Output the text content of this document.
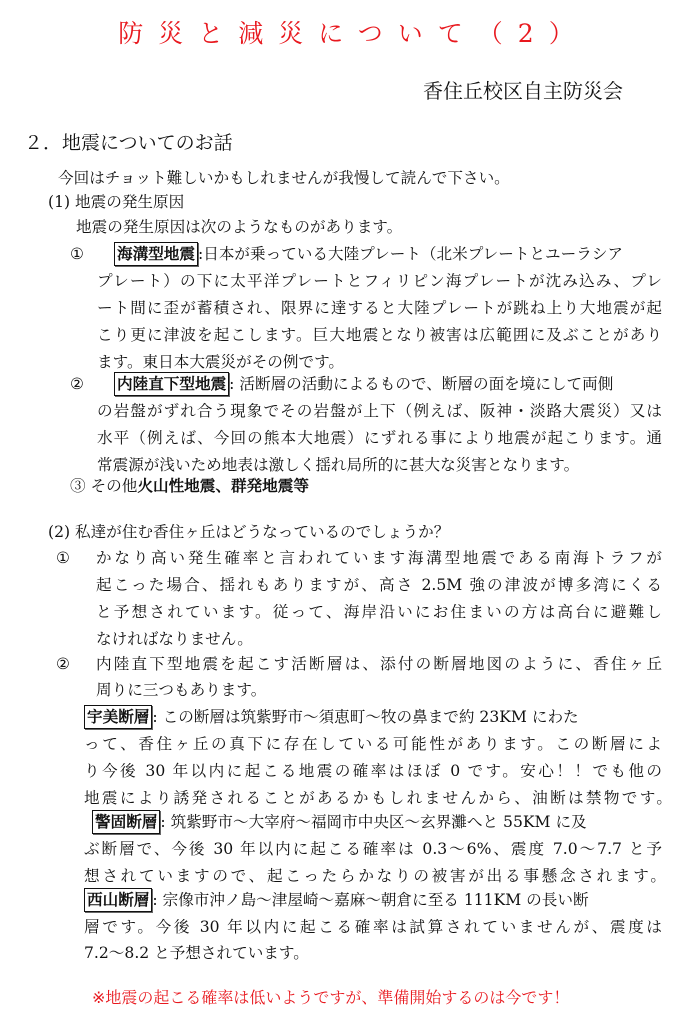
防災と減災について（2）
香住丘校区自主防災会
２．地震についてのお話
今回はチョット難しいかもしれませんが我慢して読んで下さい。
(1) 地震の発生原因
地震の発生原因は次のようなものがあります。
① 海溝型地震 :日本が乗っている大陸プレート（北米プレートとユーラシア
プレート）の下に太平洋プレートとフィリピン海プレートが沈み込み、プレ
ート間に歪が蓄積され、限界に達すると大陸プレートが跳ね上り大地震が起
こり更に津波を起こします。巨大地震となり被害は広範囲に及ぶことがあり
ます。東日本大震災がその例です。
② 内陸直下型地震 : 活断層の活動によるもので、断層の面を境にして両側
の岩盤がずれ合う現象でその岩盤が上下（例えば、阪神・淡路大震災）又は
水平（例えば、今回の熊本大地震）にずれる事により地震が起こります。通
常震源が浅いため地表は激しく揺れ局所的に甚大な災害となります。
③ その他火山性地震、群発地震等
(2) 私達が住む香住ヶ丘はどうなっているのでしょうか？
① かなり高い発生確率と言われています海溝型地震である南海トラフが
起こった場合、揺れもありますが、高さ 2.5M 強の津波が博多湾にくる
と予想されています。従って、海岸沿いにお住まいの方は高台に避難し
なければなりません。
② 内陸直下型地震を起こす活断層は、添付の断層地図のように、香住ヶ丘
周りに三つもあります。
宇美断層 : この断層は筑紫野市～須恵町～牧の鼻まで約 23KM にわた
って、香住ヶ丘の真下に存在している可能性があります。この断層によ
り今後 30 年以内に起こる地震の確率はほぼ 0 です。安心！！でも他の
地震により誘発されることがあるかもしれませんから、油断は禁物です。
警固断層 : 筑紫野市～大宰府～福岡市中央区～玄界灘へと 55KM に及
ぶ断層で、今後 30 年以内に起こる確率は 0.3～6%、震度 7.0～7.7 と予
想されていますので、起こったらかなりの被害が出る事懸念されます。
西山断層 : 宗像市沖ノ島～津屋崎～嘉麻～朝倉に至る 111KM の長い断
層です。今後 30 年以内に起こる確率は試算されていませんが、震度は
7.2～8.2 と予想されています。
※地震の起こる確率は低いようですが、準備開始するのは今です！
